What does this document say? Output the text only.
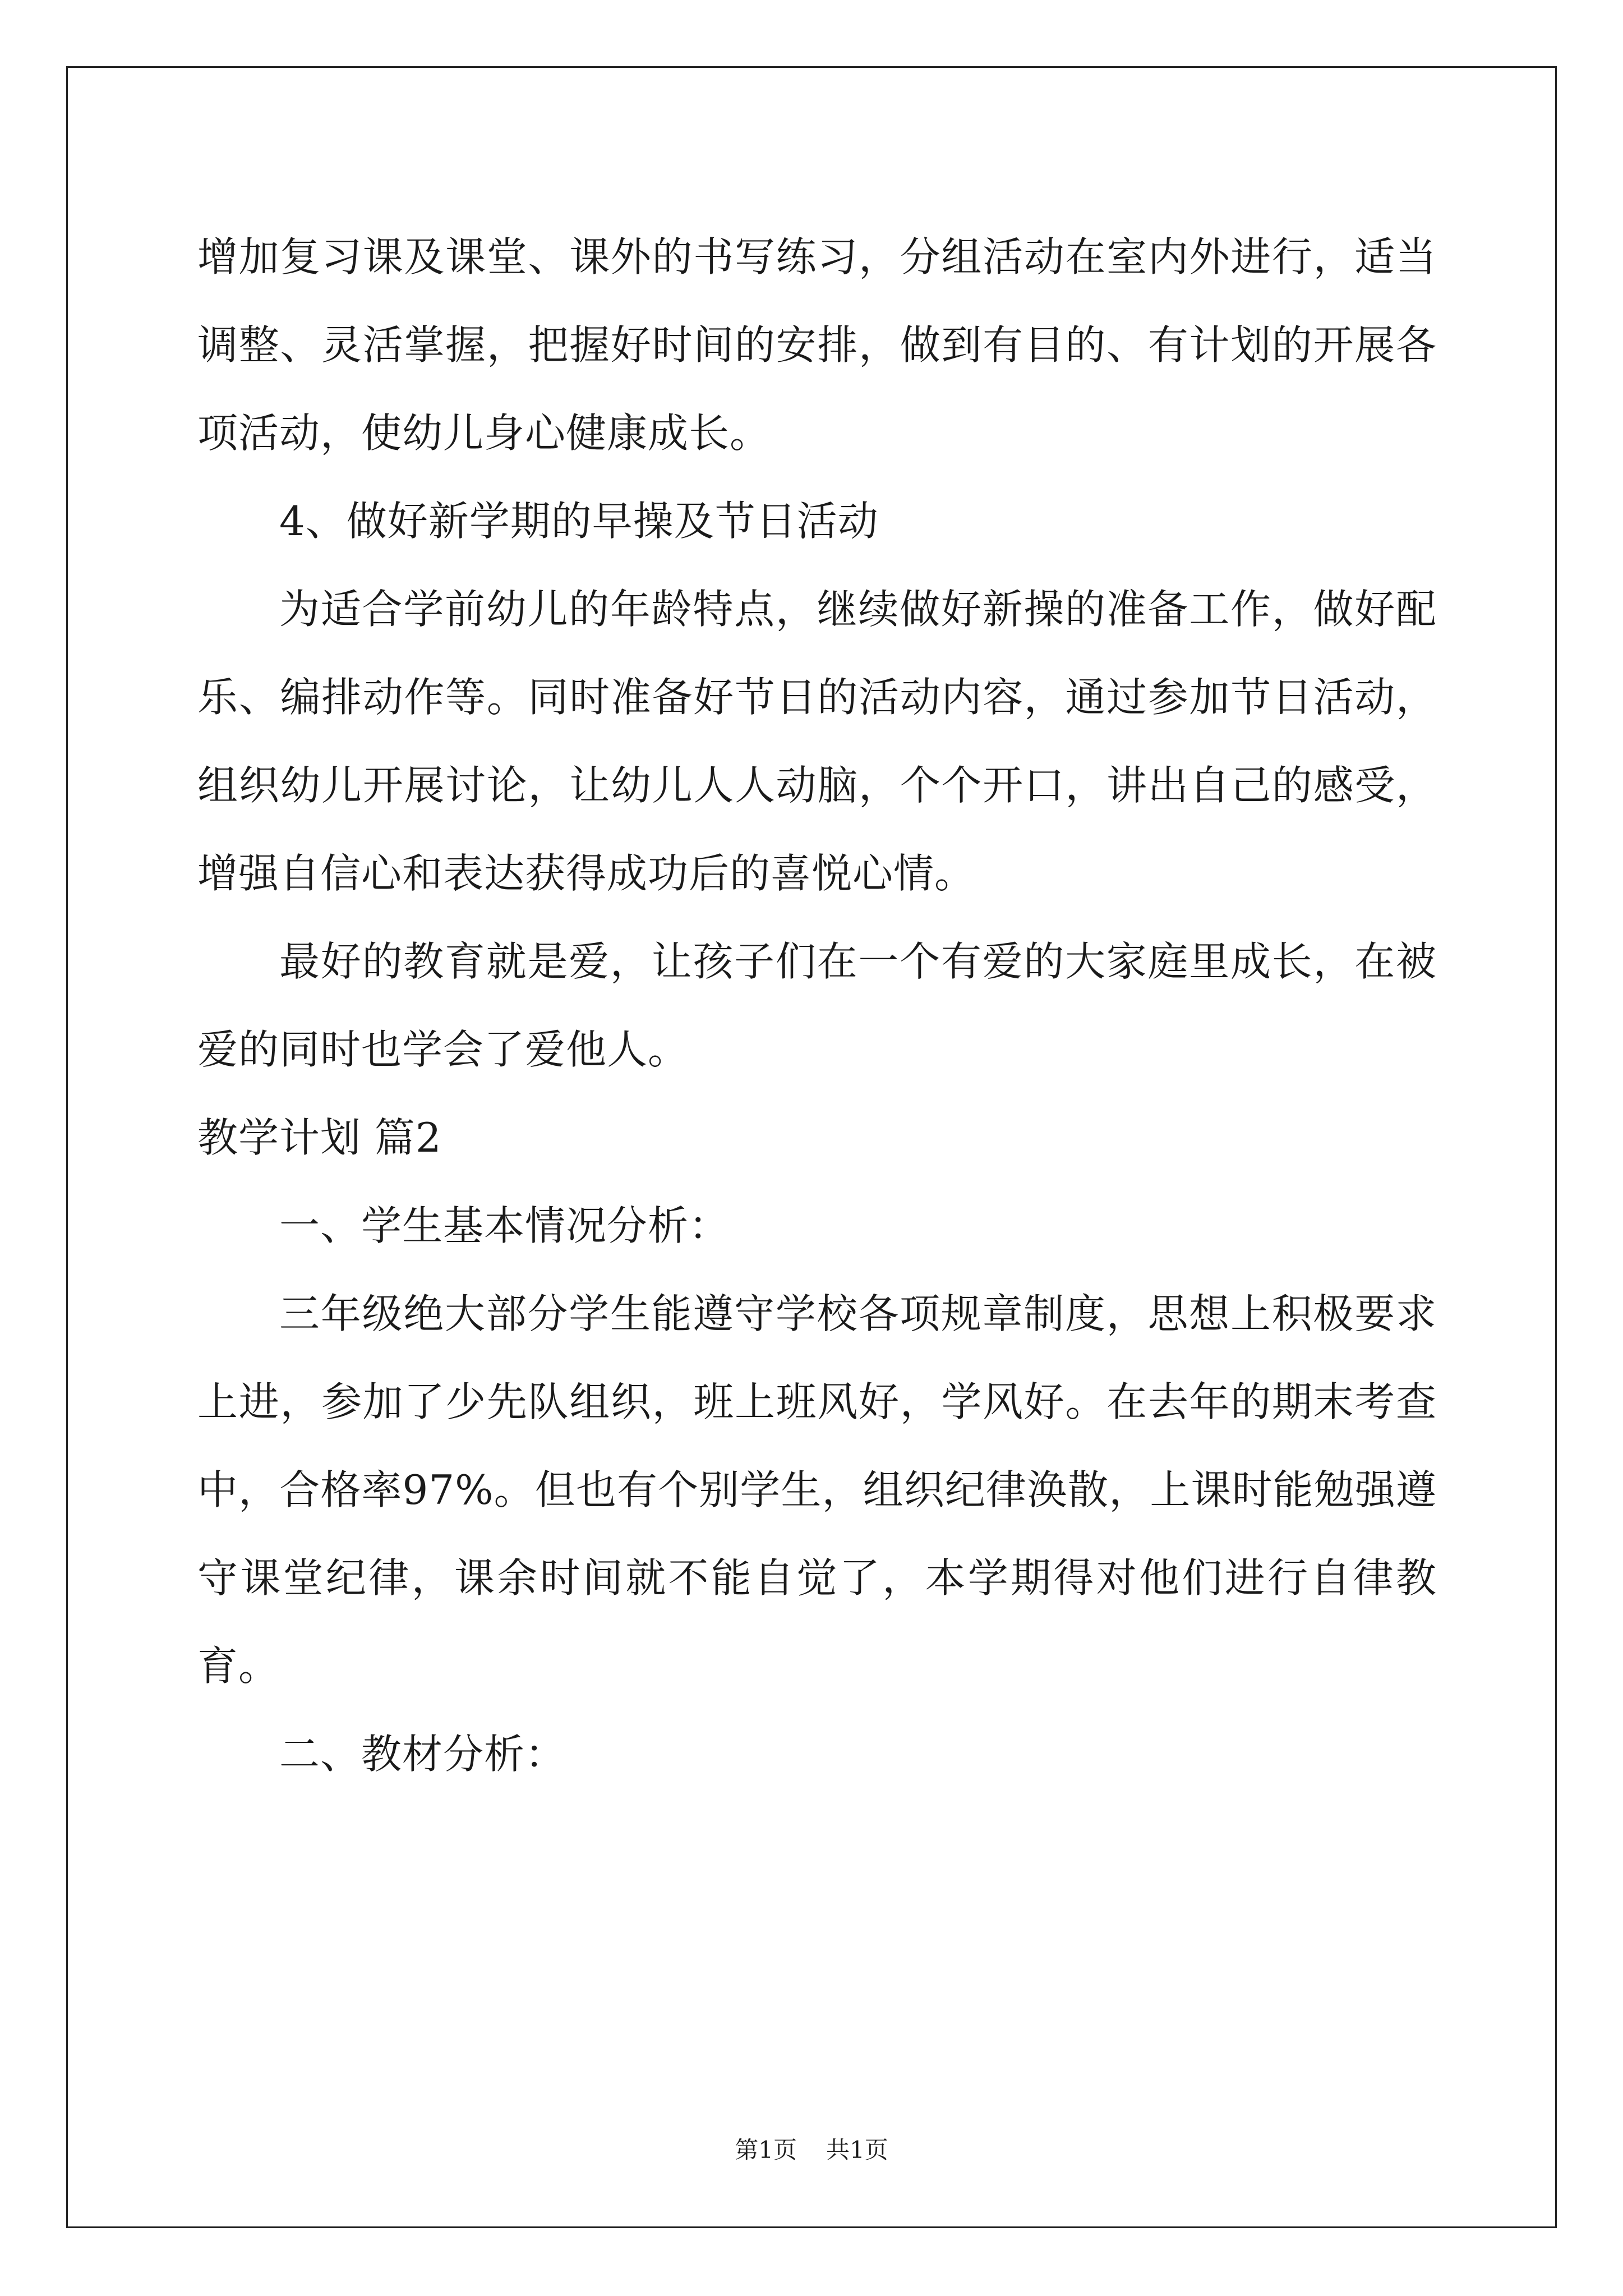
增加复习课及课堂、课外的书写练习，分组活动在室内外进行，适当调整、灵活掌握，把握好时间的安排，做到有目的、有计划的开展各项活动，使幼儿身心健康成长。

4、做好新学期的早操及节日活动

为适合学前幼儿的年龄特点，继续做好新操的准备工作，做好配乐、编排动作等。同时准备好节日的活动内容，通过参加节日活动，组织幼儿开展讨论，让幼儿人人动脑，个个开口，讲出自己的感受，增强自信心和表达获得成功后的喜悦心情。

最好的教育就是爱，让孩子们在一个有爱的大家庭里成长，在被爱的同时也学会了爱他人。

教学计划 篇2

一、学生基本情况分析：

三年级绝大部分学生能遵守学校各项规章制度，思想上积极要求上进，参加了少先队组织，班上班风好，学风好。在去年的期末考查中，合格率97%。但也有个别学生，组织纪律涣散，上课时能勉强遵守课堂纪律，课余时间就不能自觉了，本学期得对他们进行自律教育。

二、教材分析：

第1页 共1页
